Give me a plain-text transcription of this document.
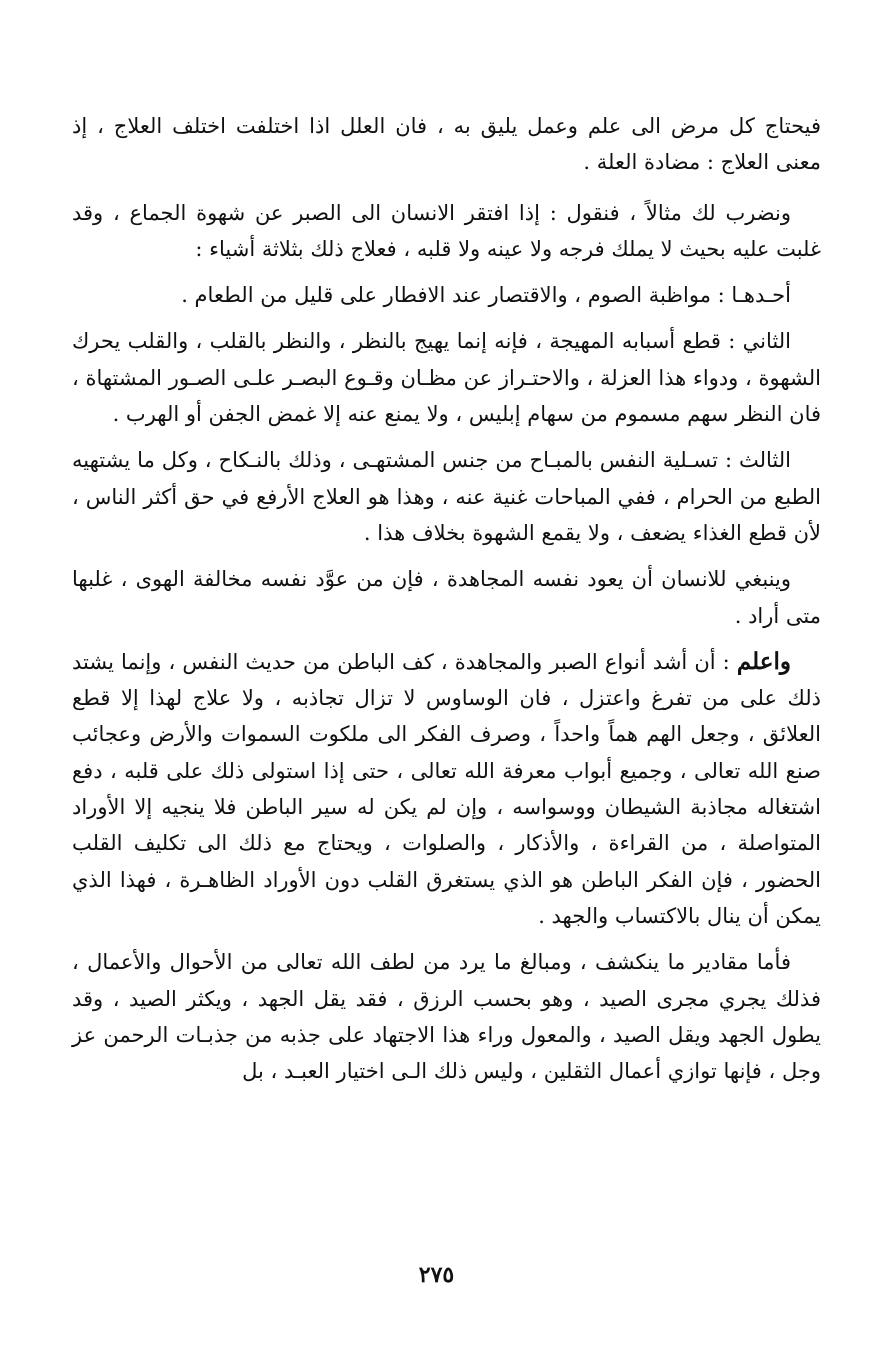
فيحتاج كل مرض الى علم وعمل يليق به ، فان العلل اذا اختلفت اختلف العلاج ، إذ معنى العلاج : مضادة العلة .

ونضرب لك مثالاً ، فنقول : إذا افتقر الانسان الى الصبر عن شهوة الجماع ، وقد غلبت عليه بحيث لا يملك فرجه ولا عينه ولا قلبه ، فعلاج ذلك بثلاثة أشياء :

أحـدهـا : مواظبة الصوم ، والاقتصار عند الافطار على قليل من الطعام .

الثاني : قطع أسبابه المهيجة ، فإنه إنما يهيج بالنظر ، والنظر بالقلب ، والقلب يحرك الشهوة ، ودواء هذا العزلة ، والاحتـراز عن مظـان وقـوع البصـر علـى الصـور المشتهاة ، فان النظر سهم مسموم من سهام إبليس ، ولا يمنع عنه إلا غمض الجفن أو الهرب .

الثالث : تسـلية النفس بالمبـاح من جنس المشتهـى ، وذلك بالنـكاح ، وكل ما يشتهيه الطبع من الحرام ، ففي المباحات غنية عنه ، وهذا هو العلاج الأرفع في حق أكثر الناس ، لأن قطع الغذاء يضعف ، ولا يقمع الشهوة بخلاف هذا .

وينبغي للانسان أن يعود نفسه المجاهدة ، فإن من عوَّد نفسه مخالفة الهوى ، غلبها متى أراد .

واعلم : أن أشد أنواع الصبر والمجاهدة ، كف الباطن من حديث النفس ، وإنما يشتد ذلك على من تفرغ واعتزل ، فان الوساوس لا تزال تجاذبه ، ولا علاج لهذا إلا قطع العلائق ، وجعل الهم هماً واحداً ، وصرف الفكر الى ملكوت السموات والأرض وعجائب صنع الله تعالى ، وجميع أبواب معرفة الله تعالى ، حتى إذا استولى ذلك على قلبه ، دفع اشتغاله مجاذبة الشيطان ووسواسه ، وإن لم يكن له سير الباطن فلا ينجيه إلا الأوراد المتواصلة ، من القراءة ، والأذكار ، والصلوات ، ويحتاج مع ذلك الى تكليف القلب الحضور ، فإن الفكر الباطن هو الذي يستغرق القلب دون الأوراد الظاهـرة ، فهذا الذي يمكن أن ينال بالاكتساب والجهد .

فأما مقادير ما ينكشف ، ومبالغ ما يرد من لطف الله تعالى من الأحوال والأعمال ، فذلك يجري مجرى الصيد ، وهو بحسب الرزق ، فقد يقل الجهد ، ويكثر الصيد ، وقد يطول الجهد ويقل الصيد ، والمعول وراء هذا الاجتهاد على جذبه من جذبـات الرحمن عز وجل ، فإنها توازي أعمال الثقلين ، وليس ذلك الـى اختيار العبـد ، بل

٢٧٥
